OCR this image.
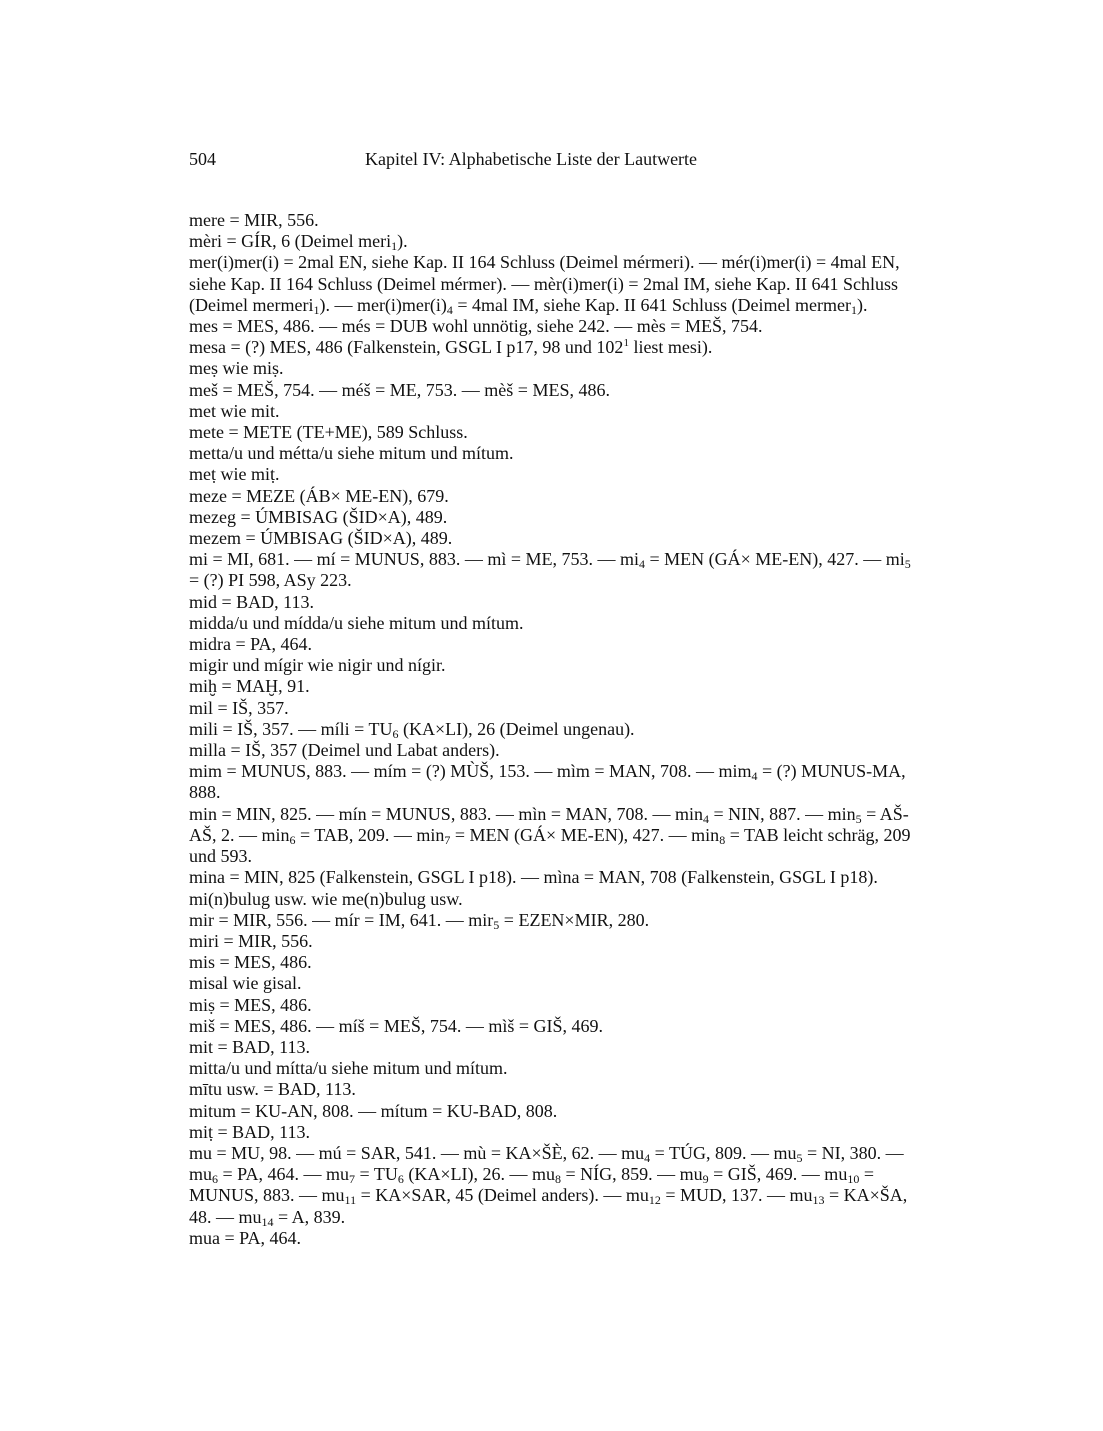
504	Kapitel IV: Alphabetische Liste der Lautwerte

mere = MIR, 556.

mèri = GÍR, 6 (Deimel meri$_1$).

mer(i)mer(i) = 2mal EN, siehe Kap. II 164 Schluss (Deimel mérmeri). — mér(i)mer(i) = 4mal EN, siehe Kap. II 164 Schluss (Deimel mérmer). — mèr(i)mer(i) = 2mal IM, siehe Kap. II 641 Schluss (Deimel mermeri$_1$). — $mer(i)mer(i)_4 = 4mal$ IM, siehe Kap. II 641 Schluss (Deimel mermer$_1$).

mes = MES, 486. — més = DUB wohl unnötig, siehe 242. — mès = MEŠ, 754.

mesa = (?) MES, 486 (Falkenstein, GSGL I p17, 98 und $102^1$ liest mesi).

meṣ wie miṣ.

meš = MEŠ, 754. — méš = ME, 753. — mèš = MES, 486.

met wie mit.

mete = METE (TE+ME), 589 Schluss.

metta/u und métta/u siehe mitum und mítum.

meṭ wie miṭ.

meze = MEZE (ÁB× ME-EN), 679.

mezeg = ÚMBISAG (ŠID×A), 489.

mezem = ÚMBISAG (ŠID×A), 489.

mi = MI, 681. — mí = MUNUS, 883. — mì = ME, 753. — $mi_4$ = MEN (GÁ× ME-EN), 427. — $mi_5$ = (?) PI 598, ASy 223.

mid = BAD, 113.

midda/u und mídda/u siehe mitum und mítum.

midra = PA, 464.

migir und mígir wie nigir und nígir.

miḫ = MAḪ, 91.

mil = IŠ, 357.

mili = IŠ, 357. — míli = $TU_6$ (KA×LI), 26 (Deimel ungenau).

milla = IŠ, 357 (Deimel und Labat anders).

mim = MUNUS, 883. — mím = (?) MÙŠ, 153. — mìm = MAN, 708. — mim$_4$ = (?) MUNUS-MA, 888.

min = MIN, 825. — mín = MUNUS, 883. — mìn = MAN, 708. — $\min_4$ = NIN, 887. — $\min_5$ = AŠ-AŠ, 2. — $\min_6$ = TAB, 209. — $\min_7$ = MEN (GÁ× ME-EN), 427. — $\min_8$ = TAB leicht schräg, 209 und 593.

mina = MIN, 825 (Falkenstein, GSGL I p18). — mìna = MAN, 708 (Falkenstein, GSGL I p18).

mi(n)bulug usw. wie me(n)bulug usw.

mir = MIR, 556. — mír = IM, 641. — mir$_5$ = EZEN×MIR, 280.

miri = MIR, 556.

mis = MES, 486.

misal wie gisal.

miṣ = MES, 486.

miš = MES, 486. — míš = MEŠ, 754. — mìš = GIŠ, 469.

mit = BAD, 113.

mitta/u und mítta/u siehe mitum und mítum.

mītu usw. = BAD, 113.

mitum = KU-AN, 808. — mítum = KU-BAD, 808.

miṭ = BAD, 113.

mu = MU, 98. — mú = SAR, 541. — mù = KA×ŠÈ, 62. — $mu_4$ = TÚG, 809. — $mu_5$ = NI, 380. — $mu_6$ = PA, 464. — $mu_7 = TU_6$ (KA×LI), 26. — $mu_8$ = NÍG, 859. — $mu_9$ = GIŠ, 469. — $mu_{10}$ = MUNUS, 883. — $mu_{11} = KA\times SAR$, 45 (Deimel anders). — $mu_{12}$ = MUD, 137. — $mu_{13}$ = KA×ŠA, 48. — $mu_{14} = A$, 839.

mua = PA, 464.
